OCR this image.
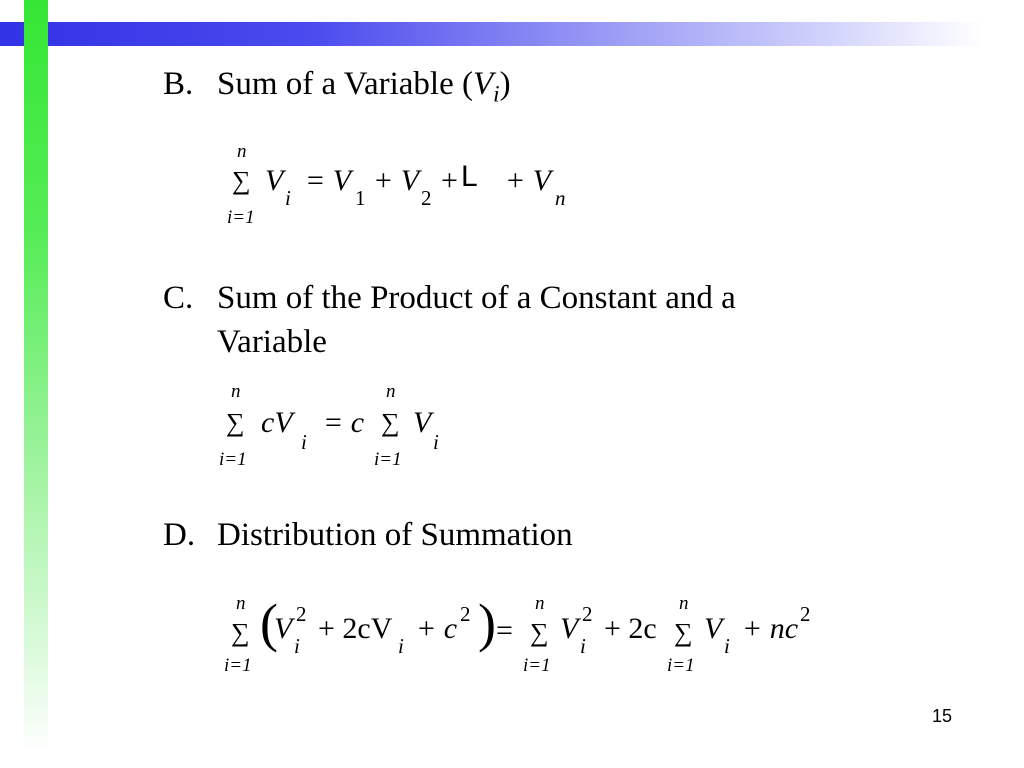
B. Sum of a Variable $(V_i)$
n
∑
i=1
V
i
= V
1
+ V
2
+ L + V
n
C. Sum of the Product of a Constant and a
Variable
n
∑
i=1
cV
i
= c
n
∑
i=1
V
i
D. Distribution of Summation
n
∑
i=1
(
V
i
2 + 2cV
i
+ c 2 ) =
n
∑
i=1
V
i
2 + 2c
n
∑
i=1
V
i
+ nc 2
15
